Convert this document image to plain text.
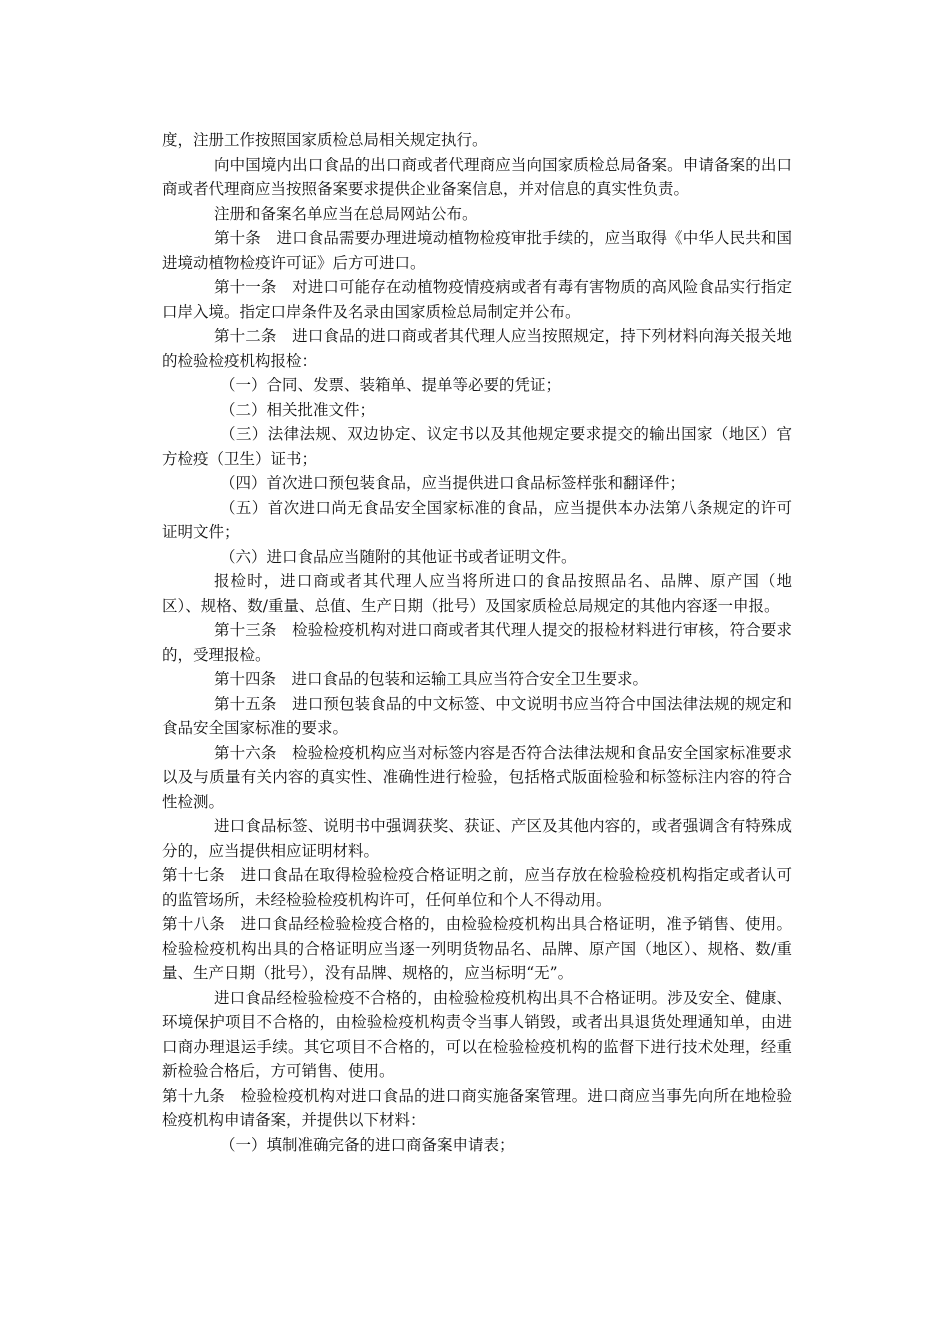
度，注册工作按照国家质检总局相关规定执行。

向中国境内出口食品的出口商或者代理商应当向国家质检总局备案。申请备案的出口商或者代理商应当按照备案要求提供企业备案信息，并对信息的真实性负责。

注册和备案名单应当在总局网站公布。

第十条　进口食品需要办理进境动植物检疫审批手续的，应当取得《中华人民共和国进境动植物检疫许可证》后方可进口。

第十一条　对进口可能存在动植物疫情疫病或者有毒有害物质的高风险食品实行指定口岸入境。指定口岸条件及名录由国家质检总局制定并公布。

第十二条　进口食品的进口商或者其代理人应当按照规定，持下列材料向海关报关地的检验检疫机构报检：

（一）合同、发票、装箱单、提单等必要的凭证；

（二）相关批准文件；

（三）法律法规、双边协定、议定书以及其他规定要求提交的输出国家（地区）官方检疫（卫生）证书；

（四）首次进口预包装食品，应当提供进口食品标签样张和翻译件；

（五）首次进口尚无食品安全国家标准的食品，应当提供本办法第八条规定的许可证明文件；

（六）进口食品应当随附的其他证书或者证明文件。

报检时，进口商或者其代理人应当将所进口的食品按照品名、品牌、原产国（地区）、规格、数/重量、总值、生产日期（批号）及国家质检总局规定的其他内容逐一申报。

第十三条　检验检疫机构对进口商或者其代理人提交的报检材料进行审核，符合要求的，受理报检。

第十四条　进口食品的包装和运输工具应当符合安全卫生要求。

第十五条　进口预包装食品的中文标签、中文说明书应当符合中国法律法规的规定和食品安全国家标准的要求。

第十六条　检验检疫机构应当对标签内容是否符合法律法规和食品安全国家标准要求以及与质量有关内容的真实性、准确性进行检验，包括格式版面检验和标签标注内容的符合性检测。

进口食品标签、说明书中强调获奖、获证、产区及其他内容的，或者强调含有特殊成分的，应当提供相应证明材料。

第十七条　进口食品在取得检验检疫合格证明之前，应当存放在检验检疫机构指定或者认可的监管场所，未经检验检疫机构许可，任何单位和个人不得动用。

第十八条　进口食品经检验检疫合格的，由检验检疫机构出具合格证明，准予销售、使用。检验检疫机构出具的合格证明应当逐一列明货物品名、品牌、原产国（地区）、规格、数/重量、生产日期（批号），没有品牌、规格的，应当标明“无”。

进口食品经检验检疫不合格的，由检验检疫机构出具不合格证明。涉及安全、健康、环境保护项目不合格的，由检验检疫机构责令当事人销毁，或者出具退货处理通知单，由进口商办理退运手续。其它项目不合格的，可以在检验检疫机构的监督下进行技术处理，经重新检验合格后，方可销售、使用。

第十九条　检验检疫机构对进口食品的进口商实施备案管理。进口商应当事先向所在地检验检疫机构申请备案，并提供以下材料：

（一）填制准确完备的进口商备案申请表；
